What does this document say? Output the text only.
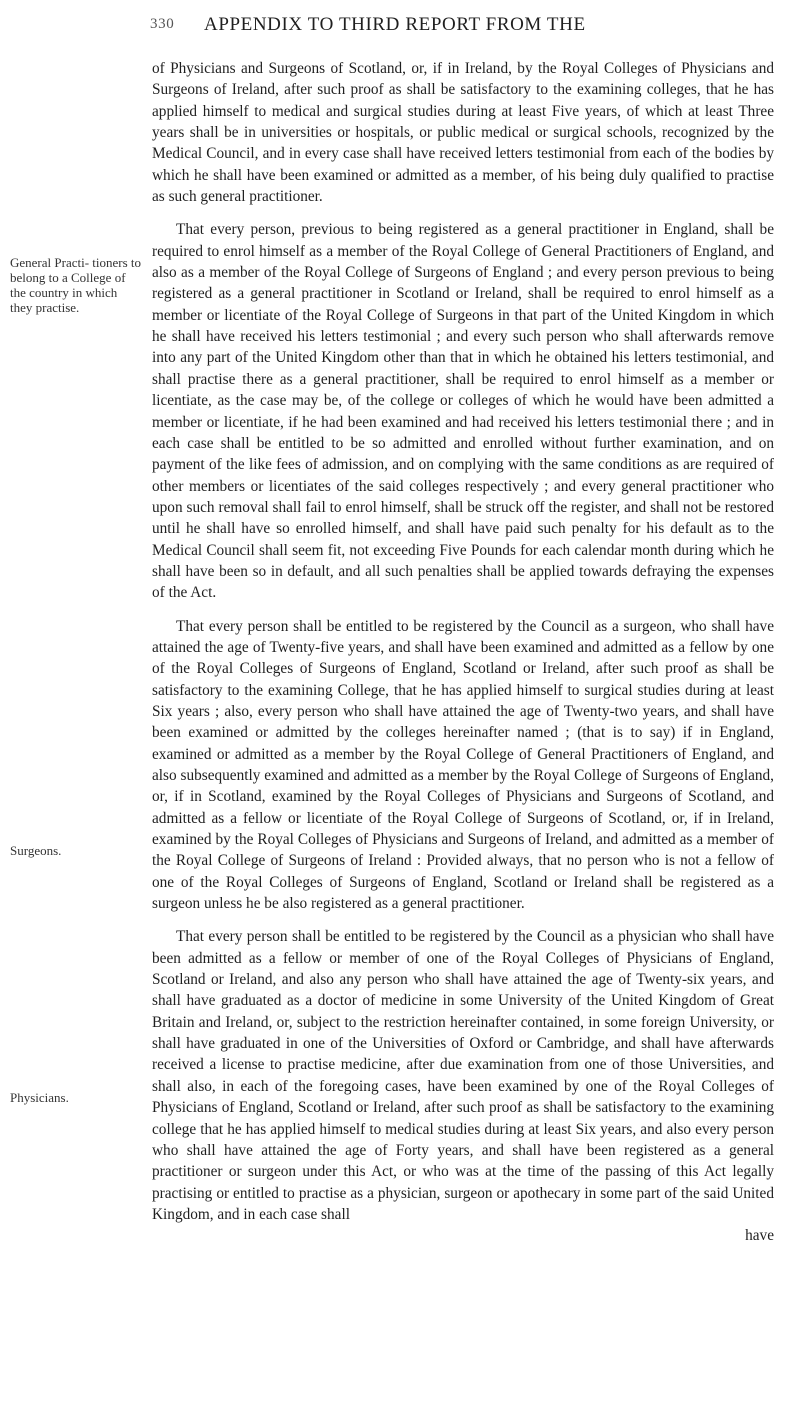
330 APPENDIX TO THIRD REPORT FROM THE
General Practi- tioners to belong to a College of the country in which they practise.
Surgeons.
Physicians.

of Physicians and Surgeons of Scotland, or, if in Ireland, by the Royal Colleges of Physicians and Surgeons of Ireland, after such proof as shall be satisfactory to the examining colleges, that he has applied himself to medical and surgical studies during at least Five years, of which at least Three years shall be in universities or hospitals, or public medical or surgical schools, recognized by the Medical Council, and in every case shall have received letters testimonial from each of the bodies by which he shall have been examined or admitted as a member, of his being duly qualified to practise as such general practitioner.

That every person, previous to being registered as a general practitioner in England, shall be required to enrol himself as a member of the Royal College of General Practitioners of England, and also as a member of the Royal College of Surgeons of England ; and every person previous to being registered as a general practitioner in Scotland or Ireland, shall be required to enrol himself as a member or licentiate of the Royal College of Surgeons in that part of the United Kingdom in which he shall have received his letters testimonial ; and every such person who shall afterwards remove into any part of the United Kingdom other than that in which he obtained his letters testimonial, and shall practise there as a general practitioner, shall be required to enrol himself as a member or licentiate, as the case may be, of the college or colleges of which he would have been admitted a member or licentiate, if he had been examined and had received his letters testimonial there ; and in each case shall be entitled to be so admitted and enrolled without further examination, and on payment of the like fees of admission, and on complying with the same conditions as are required of other members or licentiates of the said colleges respectively ; and every general practitioner who upon such removal shall fail to enrol himself, shall be struck off the register, and shall not be restored until he shall have so enrolled himself, and shall have paid such penalty for his default as to the Medical Council shall seem fit, not exceeding Five Pounds for each calendar month during which he shall have been so in default, and all such penalties shall be applied towards defraying the expenses of the Act.

That every person shall be entitled to be registered by the Council as a surgeon, who shall have attained the age of Twenty-five years, and shall have been examined and admitted as a fellow by one of the Royal Colleges of Surgeons of England, Scotland or Ireland, after such proof as shall be satisfactory to the examining College, that he has applied himself to surgical studies during at least Six years ; also, every person who shall have attained the age of Twenty-two years, and shall have been examined or admitted by the colleges hereinafter named ; (that is to say) if in England, examined or admitted as a member by the Royal College of General Practitioners of England, and also subsequently examined and admitted as a member by the Royal College of Surgeons of England, or, if in Scotland, examined by the Royal Colleges of Physicians and Surgeons of Scotland, and admitted as a fellow or licentiate of the Royal College of Surgeons of Scotland, or, if in Ireland, examined by the Royal Colleges of Physicians and Surgeons of Ireland, and admitted as a member of the Royal College of Surgeons of Ireland : Provided always, that no person who is not a fellow of one of the Royal Colleges of Surgeons of England, Scotland or Ireland shall be registered as a surgeon unless he be also registered as a general practitioner.

That every person shall be entitled to be registered by the Council as a physician who shall have been admitted as a fellow or member of one of the Royal Colleges of Physicians of England, Scotland or Ireland, and also any person who shall have attained the age of Twenty-six years, and shall have graduated as a doctor of medicine in some University of the United Kingdom of Great Britain and Ireland, or, subject to the restriction hereinafter contained, in some foreign University, or shall have graduated in one of the Universities of Oxford or Cambridge, and shall have afterwards received a license to practise medicine, after due examination from one of those Universities, and shall also, in each of the foregoing cases, have been examined by one of the Royal Colleges of Physicians of England, Scotland or Ireland, after such proof as shall be satisfactory to the examining college that he has applied himself to medical studies during at least Six years, and also every person who shall have attained the age of Forty years, and shall have been registered as a general practitioner or surgeon under this Act, or who was at the time of the passing of this Act legally practising or entitled to practise as a physician, surgeon or apothecary in some part of the said United Kingdom, and in each case shall

have
